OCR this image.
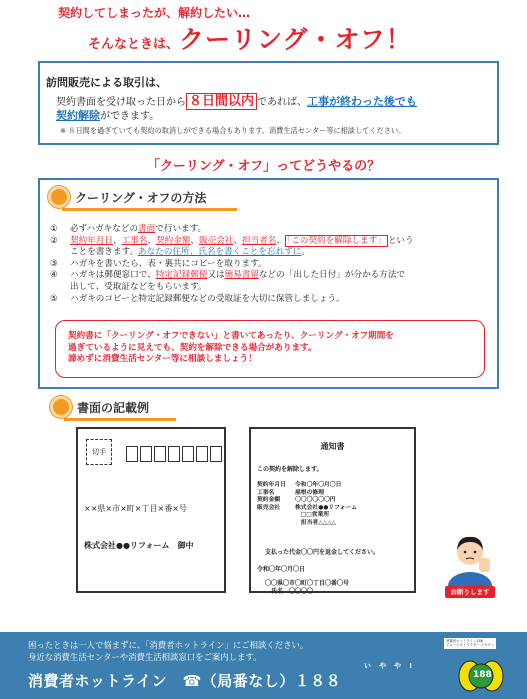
契約してしまったが、解約したい…
そんなときは、クーリング・オフ！
訪問販売による取引は、
契約書面を受け取った日から ８日間以内 であれば、工事が終わった後でも
契約解除ができます。
※ ８日間を過ぎていても契約の取消しができる場合もあります。消費生活センター等に相談してください。
「クーリング・オフ」ってどうやるの？
クーリング・オフの方法
① 必ずハガキなどの書面で行います。
② 契約年月日、工事名、契約金額、販売会社、担当者名、 「この契約を解除します」 という
ことを書きます。あなたの住所、氏名を書くことを忘れずに。
③ ハガキを書いたら、表・裏共にコピーを取ります。
④ ハガキは郵便窓口で、特定記録郵便又は簡易書留などの「出した日付」が分かる方法で
出して、受取証などをもらいます。
⑤ ハガキのコピーと特定記録郵便などの受取証を大切に保管しましょう。
契約書に「クーリング・オフできない」と書いてあったり、クーリング・オフ期間を
過ぎているように見えても、契約を解除できる場合があります。
諦めずに消費生活センター等に相談しましょう！
書面の記載例
切手
××県×市×町×丁目×番×号
株式会社●●リフォーム　御中
通知書
この契約を解除します。
契約年月日	令和〇年〇月〇日
工事名	屋根の修理
契約金額	〇〇〇〇〇〇円
販売会社	株式会社●●リフォーム
　□□営業所
　担当者△△△△
支払った代金〇〇円を返金してください。
令和〇年〇月〇日
〇〇県〇市〇町〇丁目〇番〇号
氏名　 〇〇〇〇	お断りします
困ったときは一人で悩まずに、「消費者ホットライン」にご相談ください。
身近な消費生活センターや消費生活相談窓口をご案内します。
いやや!
消費者ホットライン　 ☎（局番なし）１８８
消費者ホットライン188
イメージキャラクター イヤヤン
188
